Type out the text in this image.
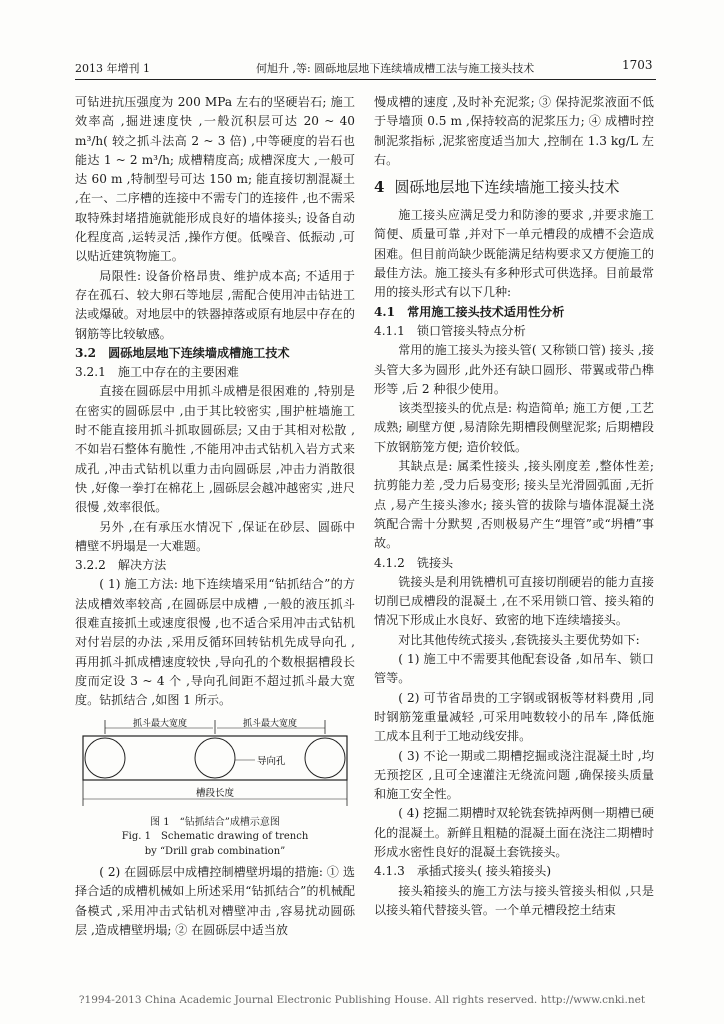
2013 年增刊 1	何旭升 ,等: 圆砾地层地下连续墙成槽工法与施工接头技术	1703

可钻进抗压强度为 200 MPa 左右的坚硬岩石; 施工效率高 ,掘进速度快 ,一般沉积层可达 20 ~ 40 m³/h( 较之抓斗法高 2 ~ 3 倍) ,中等硬度的岩石也能达 1 ~ 2 m³/h; 成槽精度高; 成槽深度大 ,一般可达 60 m ,特制型号可达 150 m; 能直接切割混凝土 ,在一、二序槽的连接中不需专门的连接件 ,也不需采取特殊封堵措施就能形成良好的墙体接头; 设备自动化程度高 ,运转灵活 ,操作方便。低噪音、低振动 ,可以贴近建筑物施工。

局限性: 设备价格昂贵、维护成本高; 不适用于存在孤石、较大卵石等地层 ,需配合使用冲击钻进工法或爆破。对地层中的铁器掉落或原有地层中存在的钢筋等比较敏感。

3.2　圆砾地层地下连续墙成槽施工技术

3.2.1　施工中存在的主要困难

直接在圆砾层中用抓斗成槽是很困难的 ,特别是在密实的圆砾层中 ,由于其比较密实 ,围护桩墙施工时不能直接用抓斗抓取圆砾层; 又由于其相对松散 ,不如岩石整体有脆性 ,不能用冲击式钻机入岩方式来成孔 ,冲击式钻机以重力击向圆砾层 ,冲击力消散很快 ,好像一拳打在棉花上 ,圆砾层会越冲越密实 ,进尺很慢 ,效率很低。

另外 ,在有承压水情况下 ,保证在砂层、圆砾中槽壁不坍塌是一大难题。

3.2.2　解决方法

( 1) 施工方法: 地下连续墙采用“钻抓结合”的方法成槽效率较高 ,在圆砾层中成槽 ,一般的液压抓斗很难直接抓土或速度很慢 ,也不适合采用冲击式钻机对付岩层的办法 ,采用反循环回转钻机先成导向孔 ,再用抓斗抓成槽速度较快 ,导向孔的个数根据槽段长度而定设 3 ~ 4 个 ,导向孔间距不超过抓斗最大宽度。钻抓结合 ,如图 1 所示。

抓斗最大宽度	抓斗最大宽度
导向孔
槽段长度

图 1　“钻抓结合”成槽示意图

Fig. 1　Schematic drawing of trench

by “Drill grab combination”

( 2) 在圆砾层中成槽控制槽壁坍塌的措施: ① 选择合适的成槽机械如上所述采用“钻抓结合”的机械配备模式 ,采用冲击式钻机对槽壁冲击 ,容易扰动圆砾层 ,造成槽壁坍塌; ② 在圆砾层中适当放

慢成槽的速度 ,及时补充泥浆; ③ 保持泥浆液面不低于导墙顶 0.5 m ,保持较高的泥浆压力; ④ 成槽时控制泥浆指标 ,泥浆密度适当加大 ,控制在 1.3 kg/L 左右。

4 圆砾地层地下连续墙施工接头技术

施工接头应满足受力和防渗的要求 ,并要求施工简便、质量可靠 ,并对下一单元槽段的成槽不会造成困难。但目前尚缺少既能满足结构要求又方便施工的最佳方法。施工接头有多种形式可供选择。目前最常用的接头形式有以下几种:

4.1　常用施工接头技术适用性分析

4.1.1　锁口管接头特点分析

常用的施工接头为接头管( 又称锁口管) 接头 ,接头管大多为圆形 ,此外还有缺口圆形、带翼或带凸榫形等 ,后 2 种很少使用。

该类型接头的优点是: 构造简单; 施工方便 ,工艺成熟; 刷壁方便 ,易清除先期槽段侧壁泥浆; 后期槽段下放钢筋笼方便; 造价较低。

其缺点是: 属柔性接头 ,接头刚度差 ,整体性差; 抗剪能力差 ,受力后易变形; 接头呈光滑圆弧面 ,无折点 ,易产生接头渗水; 接头管的拔除与墙体混凝土浇筑配合需十分默契 ,否则极易产生“埋管”或“坍槽”事故。

4.1.2　铣接头

铣接头是利用铣槽机可直接切削硬岩的能力直接切削已成槽段的混凝土 ,在不采用锁口管、接头箱的情况下形成止水良好、致密的地下连续墙接头。

对比其他传统式接头 ,套铣接头主要优势如下:

( 1) 施工中不需要其他配套设备 ,如吊车、锁口管等。

( 2) 可节省昂贵的工字钢或钢板等材料费用 ,同时钢筋笼重量减轻 ,可采用吨数较小的吊车 ,降低施工成本且利于工地动线安排。

( 3) 不论一期或二期槽挖掘或浇注混凝土时 ,均无预挖区 ,且可全速灌注无绕流问题 ,确保接头质量和施工安全性。

( 4) 挖掘二期槽时双轮铣套铣掉两侧一期槽已硬化的混凝土。新鲜且粗糙的混凝土面在浇注二期槽时形成水密性良好的混凝土套铣接头。

4.1.3　承插式接头( 接头箱接头)

接头箱接头的施工方法与接头管接头相似 ,只是以接头箱代替接头管。一个单元槽段挖土结束

?1994-2013 China Academic Journal Electronic Publishing House. All rights reserved. http://www.cnki.net
